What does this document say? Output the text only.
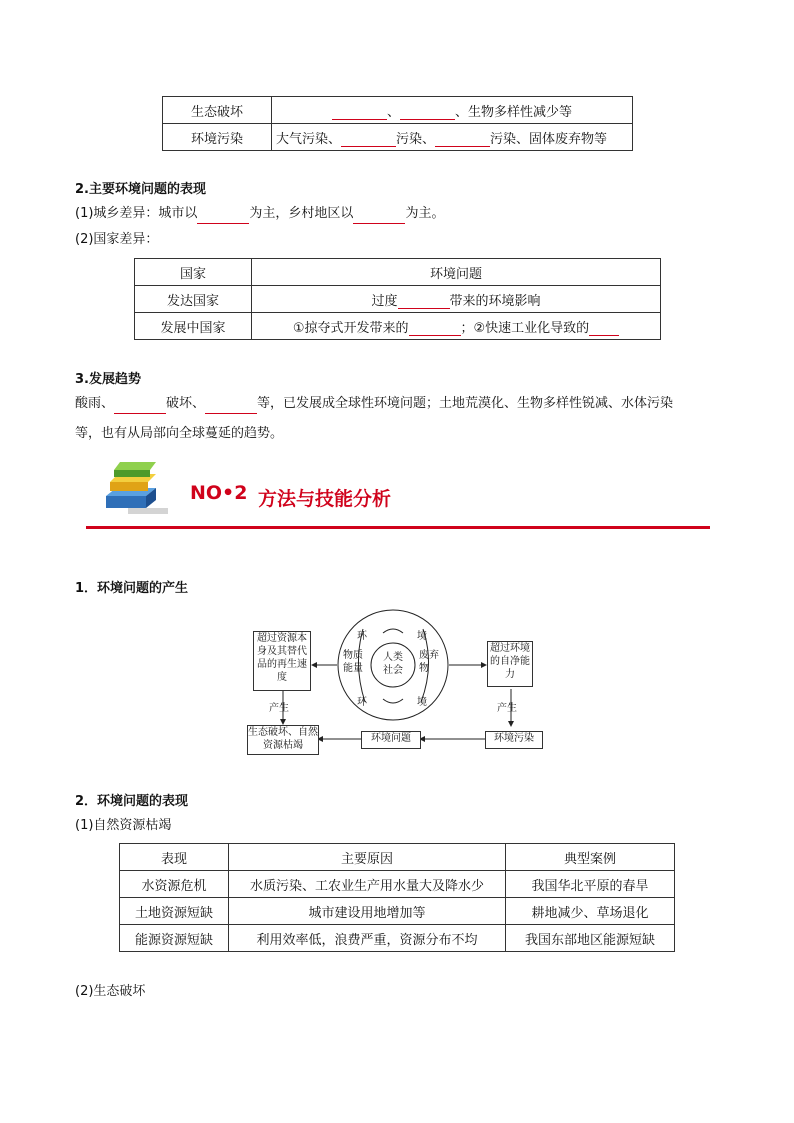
生态破坏	、 、生物多样性减少等
环境污染	大气污染、 污染、 污染、固体废弃物等
2.主要环境问题的表现
(1)城乡差异：城市以	为主，乡村地区以	为主。
(2)国家差异：
国家	环境问题
发达国家	过度 带来的环境影响
发展中国家	①掠夺式开发带来的 ；②快速工业化导致的
3.发展趋势
酸雨、	破坏、	等，已发展成全球性环境问题；土地荒漠化、生物多样性锐减、水体污染
等，也有从局部向全球蔓延的趋势。
NO•2 方法与技能分析
1．环境问题的产生
超过资源本身及其替代品的再生速度
超过环境的自净能力
生态破坏、自然资源枯竭
环境问题	环境污染
环	境
环	境
物质能量
人类社会
废弃物
产生	产生
2．环境问题的表现
(1)自然资源枯竭
表现	主要原因	典型案例
水资源危机	水质污染、工农业生产用水量大及降水少	我国华北平原的春旱
土地资源短缺	城市建设用地增加等	耕地减少、草场退化
能源资源短缺	利用效率低，浪费严重，资源分布不均	我国东部地区能源短缺
(2)生态破坏
